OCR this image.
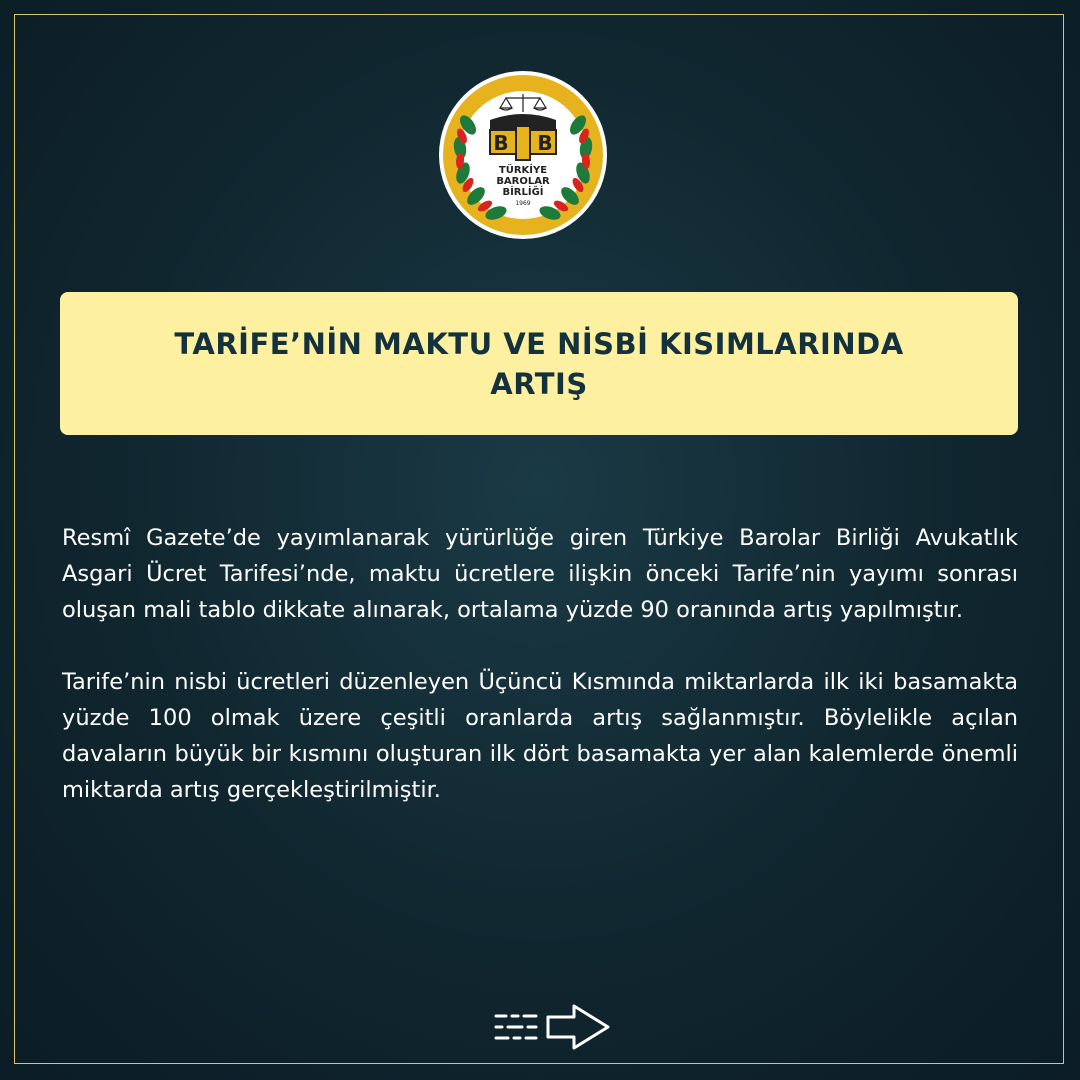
B B
TÜRKİYE
BAROLAR
BİRLİĞİ
1969
TARİFE’NİN MAKTU VE NİSBİ KISIMLARINDA
ARTIŞ

Resmî Gazete’de yayımlanarak yürürlüğe giren Türkiye Barolar Birliği Avukatlık Asgari Ücret Tarifesi’nde, maktu ücretlere ilişkin önceki Tarife’nin yayımı sonrası oluşan mali tablo dikkate alınarak, ortalama yüzde 90 oranında artış yapılmıştır.

Tarife’nin nisbi ücretleri düzenleyen Üçüncü Kısmında miktarlarda ilk iki basamakta yüzde 100 olmak üzere çeşitli oranlarda artış sağlanmıştır. Böylelikle açılan davaların büyük bir kısmını oluşturan ilk dört basamakta yer alan kalemlerde önemli miktarda artış gerçekleştirilmiştir.
